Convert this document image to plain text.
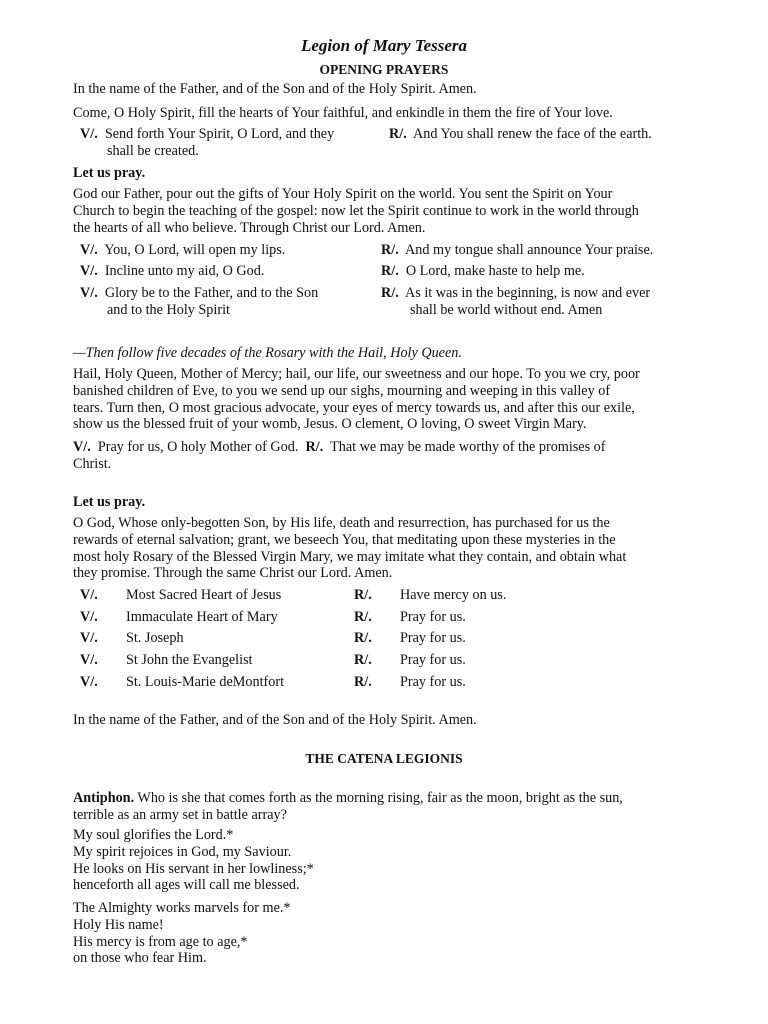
Legion of Mary Tessera
OPENING PRAYERS
In the name of the Father, and of the Son and of the Holy Spirit. Amen.
Come, O Holy Spirit, fill the hearts of Your faithful, and enkindle in them the fire of Your love.
V/. Send forth Your Spirit, O Lord, and they
shall be created.
R/. And You shall renew the face of the earth.
Let us pray.
God our Father, pour out the gifts of Your Holy Spirit on the world. You sent the Spirit on Your
Church to begin the teaching of the gospel: now let the Spirit continue to work in the world through
the hearts of all who believe. Through Christ our Lord. Amen.
V/. You, O Lord, will open my lips.	R/. And my tongue shall announce Your praise.
V/. Incline unto my aid, O God.	R/. O Lord, make haste to help me.
V/. Glory be to the Father, and to the Son
and to the Holy Spirit
R/. As it was in the beginning, is now and ever
shall be world without end. Amen
—Then follow five decades of the Rosary with the Hail, Holy Queen.
Hail, Holy Queen, Mother of Mercy; hail, our life, our sweetness and our hope. To you we cry, poor
banished children of Eve, to you we send up our sighs, mourning and weeping in this valley of
tears. Turn then, O most gracious advocate, your eyes of mercy towards us, and after this our exile,
show us the blessed fruit of your womb, Jesus. O clement, O loving, O sweet Virgin Mary.
V/. Pray for us, O holy Mother of God. R/. That we may be made worthy of the promises of
Christ.
Let us pray.
O God, Whose only-begotten Son, by His life, death and resurrection, has purchased for us the
rewards of eternal salvation; grant, we beseech You, that meditating upon these mysteries in the
most holy Rosary of the Blessed Virgin Mary, we may imitate what they contain, and obtain what
they promise. Through the same Christ our Lord. Amen.
V/. Most Sacred Heart of Jesus	R/. Have mercy on us.
V/. Immaculate Heart of Mary	R/. Pray for us.
V/. St. Joseph	R/. Pray for us.
V/. St John the Evangelist	R/. Pray for us.
V/. St. Louis-Marie deMontfort	R/. Pray for us.
In the name of the Father, and of the Son and of the Holy Spirit. Amen.
THE CATENA LEGIONIS
Antiphon. Who is she that comes forth as the morning rising, fair as the moon, bright as the sun,
terrible as an army set in battle array?
My soul glorifies the Lord.*
My spirit rejoices in God, my Saviour.
He looks on His servant in her lowliness;*
henceforth all ages will call me blessed.
The Almighty works marvels for me.*
Holy His name!
His mercy is from age to age,*
on those who fear Him.
